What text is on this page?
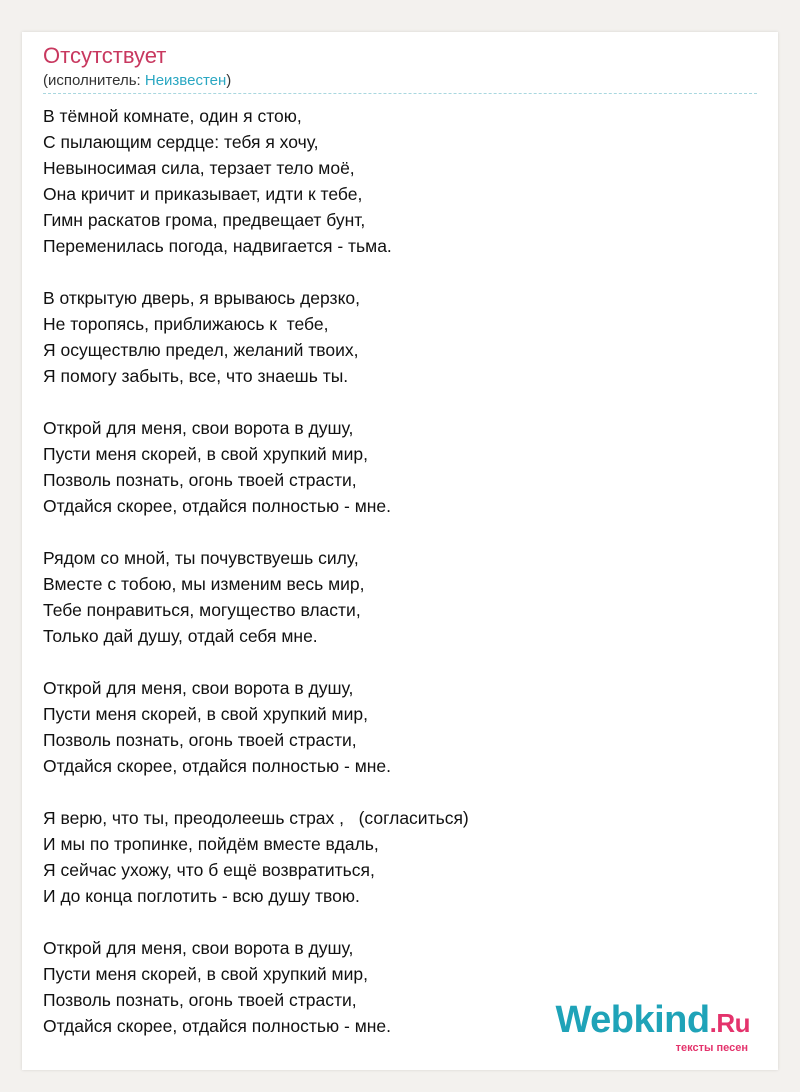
Отсутствует
(исполнитель: Неизвестен)
В тёмной комнате, один я стою,
С пылающим сердце: тебя я хочу,
Невыносимая сила, терзает тело моё,
Она кричит и приказывает, идти к тебе,
Гимн раскатов грома, предвещает бунт,
Переменилась погода, надвигается - тьма.
В открытую дверь, я врываюсь дерзко,
Не торопясь, приближаюсь к  тебе,
Я осуществлю предел, желаний твоих,
Я помогу забыть, все, что знаешь ты.
Открой для меня, свои ворота в душу,
Пусти меня скорей, в свой хрупкий мир,
Позволь познать, огонь твоей страсти,
Отдайся скорее, отдайся полностью - мне.
Рядом со мной, ты почувствуешь силу,
Вместе с тобою, мы изменим весь мир,
Тебе понравиться, могущество власти,
Только дай душу, отдай себя мне.
Открой для меня, свои ворота в душу,
Пусти меня скорей, в свой хрупкий мир,
Позволь познать, огонь твоей страсти,
Отдайся скорее, отдайся полностью - мне.
Я верю, что ты, преодолеешь страх ,   (согласиться)
И мы по тропинке, пойдём вместе вдаль,
Я сейчас ухожу, что б ещё возвратиться,
И до конца поглотить - всю душу твою.
Открой для меня, свои ворота в душу,
Пусти меня скорей, в свой хрупкий мир,
Позволь познать, огонь твоей страсти,
Отдайся скорее, отдайся полностью - мне.	Webkind.Ru
тексты песен
